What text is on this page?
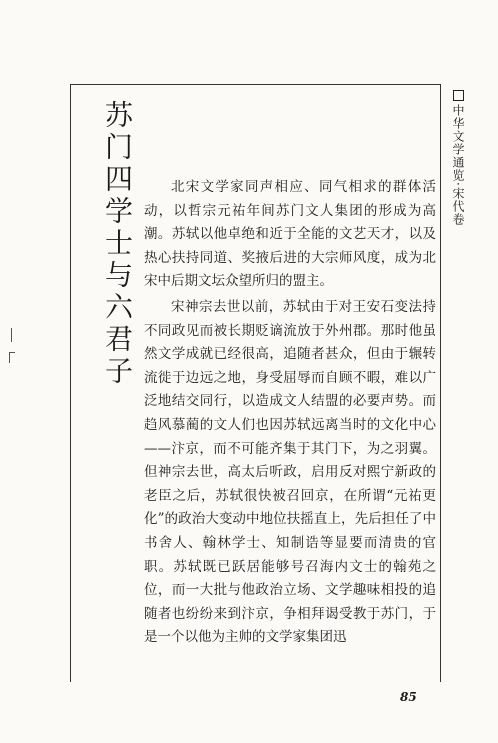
苏门四学士与六君子	中华文学通览·宋代卷

北宋文学家同声相应、同气相求的群体活动，以哲宗元祐年间苏门文人集团的形成为高潮。苏轼以他卓绝和近于全能的文艺天才，以及热心扶持同道、奖掖后进的大宗师风度，成为北宋中后期文坛众望所归的盟主。

宋神宗去世以前，苏轼由于对王安石变法持不同政见而被长期贬谪流放于外州郡。那时他虽然文学成就已经很高，追随者甚众，但由于辗转流徙于边远之地，身受屈辱而自顾不暇，难以广泛地结交同行，以造成文人结盟的必要声势。而趋风慕蔺的文人们也因苏轼远离当时的文化中心——汴京，而不可能齐集于其门下，为之羽翼。但神宗去世，高太后听政，启用反对熙宁新政的老臣之后，苏轼很快被召回京，在所谓“元祐更化”的政治大变动中地位扶摇直上，先后担任了中书舍人、翰林学士、知制诰等显要而清贵的官职。苏轼既已跃居能够号召海内文士的翰苑之位，而一大批与他政治立场、文学趣味相投的追随者也纷纷来到汴京，争相拜谒受教于苏门，于是一个以他为主帅的文学家集团迅

85
